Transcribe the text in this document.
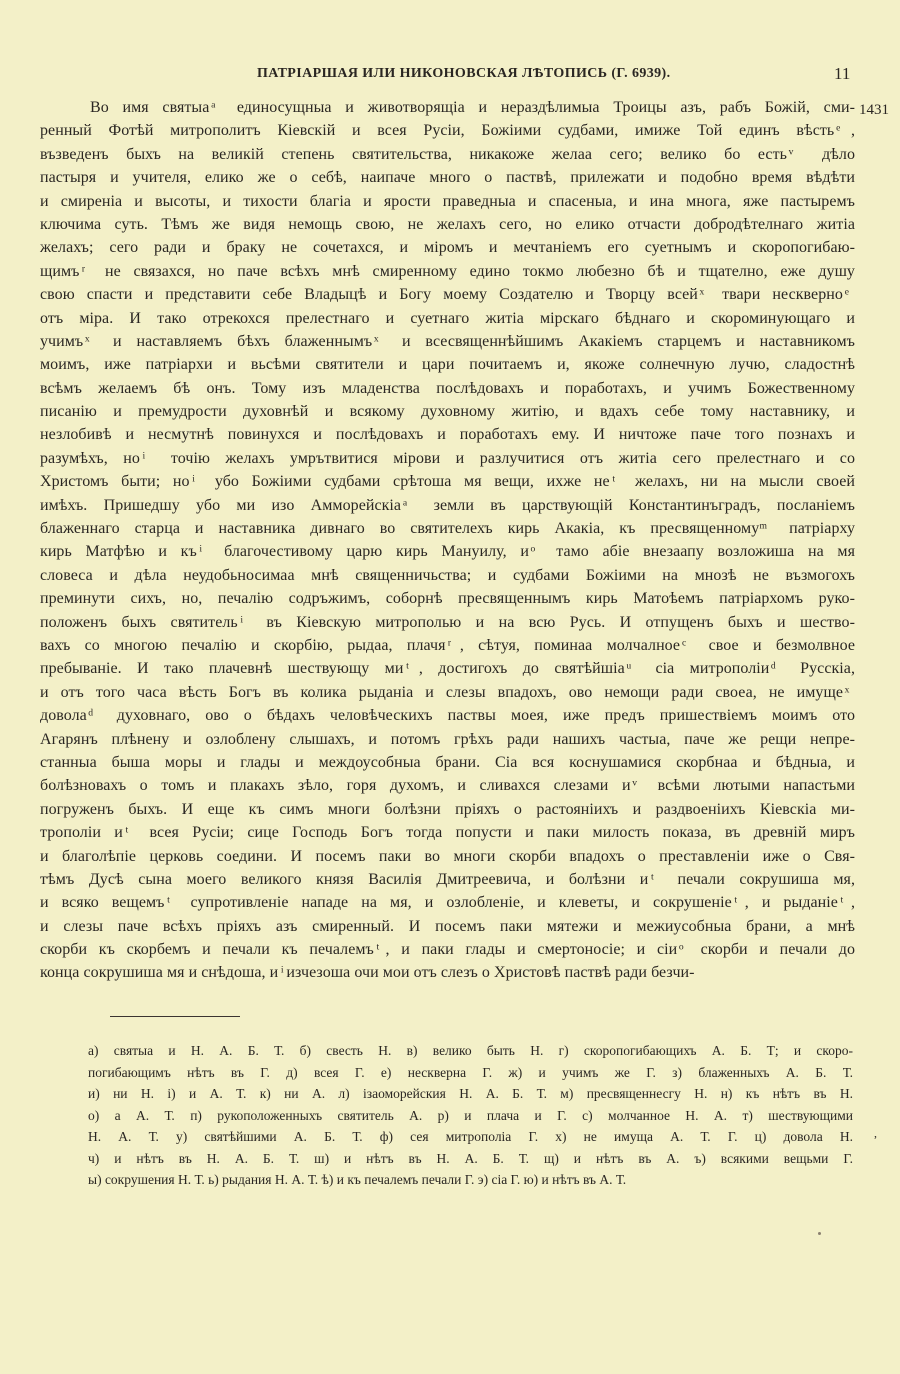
ПАТРІАРШАЯ ИЛИ НИКОНОВСКАЯ ЛѢТОПИСЬ (Г. 6939).	11
1431
Во имя святыа ͣ единосущныа и животворящіа и нераздѣлимыа Троицы азъ, рабъ Божій, сми-
ренный Фотѣй митрополитъ Кіевскій и всея Русіи, Божіими судбами, имиже Той единъ вѣсть ͤ,
възведенъ быхъ на великій степень святительства, никакоже желаа сего; велико бо есть ͮ дѣло
пастыря и учителя, елико же о себѣ, наипаче много о паствѣ, прилежати и подобно время вѣдѣти
и смиреніа и высоты, и тихости благіа и ярости праведныа и спасеныа, и ина многа, яже пастыремъ
ключима суть. Тѣмъ же видя немощь свою, не желахъ сего, но елико отчасти добродѣтелнаго житіа
желахъ; сего ради и браку не сочетахся, и міромъ и мечтаніемъ его суетнымъ и скоропогибаю-
щимъ ͬ не связахся, но паче всѣхъ мнѣ смиренному едино токмо любезно бѣ и тщателно, еже душу
свою спасти и представити себе Владыцѣ и Богу моему Создателю и Творцу всей ͯ твари несквернo ͤ
отъ міра. И тако отрекохся прелестнаго и суетнаго житіа мірскаго бѣднаго и скороминующаго и
учимъ ͯ и наставляемъ бѣхъ блаженнымъ ͯ и всесвященнѣйшимъ Акакіемъ старцемъ и наставникомъ
моимъ, иже патріархи и вьсѣми святители и цари почитаемъ и, якоже солнечную лучю, сладостнѣ
всѣмъ желаемъ бѣ онъ. Тому изъ младенства послѣдовахъ и поработахъ, и учимъ Божественному
писанію и премудрости духовнѣй и всякому духовному житію, и вдахъ себе тому наставнику, и
незлобивѣ и несмутнѣ повинухся и послѣдовахъ и поработахъ ему. И ничтоже паче того познахъ и
разумѣхъ, но ͥ точію желахъ умрътвитися мірови и разлучитися отъ житіа сего прелестнаго и со
Христомъ быти; но ͥ убо Божіими судбами срѣтоша мя вещи, ихже не ͭ желахъ, ни на мысли своей
имѣхъ. Пришедшу убо ми изо Амморейскіа ͣ земли въ царствующій Константинъградъ, посланіемъ
блаженнаго старца и наставника дивнаго во святителехъ кирь Акакіа, къ пресвященному ͫ патріарху
кирь Матфѣю и къ ͥ благочестивому царю кирь Мануилу, и ͦ тамо абіе внезаапу возложиша на мя
словеса и дѣла неудобьносимаа мнѣ священничьства; и судбами Божіими на мнозѣ не възмогохъ
преминути сихъ, но, печалію содръжимъ, соборнѣ пресвященнымъ кирь Матоѣемъ патріархомъ руко-
положенъ быхъ святитель ͥ въ Кіевскую митрополью и на всю Русь. И отпущенъ быхъ и шество-
вахъ со многою печалію и скорбію, рыдаа, плачя ͬ, сѣтуя, поминаа молчалное ͨ свое и безмолвное
пребываніе. И тако плачевнѣ шествующу ми ͭ, достигохъ до святѣйшіа ͧ сіа митрополіи ͩ Русскіа,
и отъ того часа вѣсть Богъ въ колика рыданіа и слезы впадохъ, ово немощи ради своеа, не имуще ͯ
довола ͩ духовнаго, ово о бѣдахъ человѣческихъ паствы моея, иже предъ пришествіемъ моимъ ото
Агарянъ плѣнену и озлоблену слышахъ, и потомъ грѣхъ ради нашихъ частыа, паче же рещи непре-
станныа быша моры и глады и междоусобныа брани. Сіа вся коснушамися скорбнаа и бѣдныа, и
болѣзновахъ о томъ и плакахъ зѣло, горя духомъ, и сливахся слезами и ͮ всѣми лютыми напастьми
погруженъ быхъ. И еще къ симъ многи болѣзни пріяхъ о растояніихъ и раздвоеніихъ Кіевскіа ми-
трополіи и ͭ всея Русіи; сице Господь Богъ тогда попусти и паки милость показа, въ древній миръ
и благолѣпіе церковь соедини. И посемъ паки во многи скорби впадохъ о преставленіи иже о Свя-
тѣмъ Дусѣ сына моего великого князя Василія Дмитреевича, и болѣзни и ͭ печали сокрушиша мя,
и всяко вещемъ ͭ супротивленіе нападе на мя, и озлобленіе, и клеветы, и сокрушеніе ͭ, и рыданіе ͭ,
и слезы паче всѣхъ пріяхъ азъ смиренный. И посемъ паки мятежи и межиусобныа брани, а мнѣ
скорби къ скорбемъ и печали къ печалемъ ͭ, и паки глады и смертоносіе; и сіи ͦ скорби и печали до
конца сокрушиша мя и снѣдоша, и ͥ изчезоша очи мои отъ слезъ о Христовѣ паствѣ ради безчи-
а) святыа и Н. А. Б. Т. б) свесть Н. в) велико быть Н. г) скоропогибающихъ А. Б. Т; и скоро-
погибающимъ нѣтъ въ Г. д) всея Г. е) нескверна Г. ж) и учимъ же Г. з) блаженныхъ А. Б. Т.
и) ни Н. і) и А. Т. к) ни А. л) ізаоморейския Н. А. Б. Т. м) пресвященнесгу Н. н) къ нѣтъ въ Н.
о) а А. Т. п) рукоположенныхъ святитель А. р) и плача и Г. с) молчанное Н. А. т) шествующими
Н. А. Т. у) святѣйшими А. Б. Т. ф) сея митрополіа Г. х) не имуща А. Т. Г. ц) довола Н.
ч) и нѣтъ въ Н. А. Б. Т. ш) и нѣтъ въ Н. А. Б. Т. щ) и нѣтъ въ А. ъ) всякими вещьми Г.
ы) сокрушения Н. Т. ь) рыдания Н. А. Т. ѣ) и къ печалемъ печали Г. э) сіа Г. ю) и нѣтъ въ А. Т.
,
